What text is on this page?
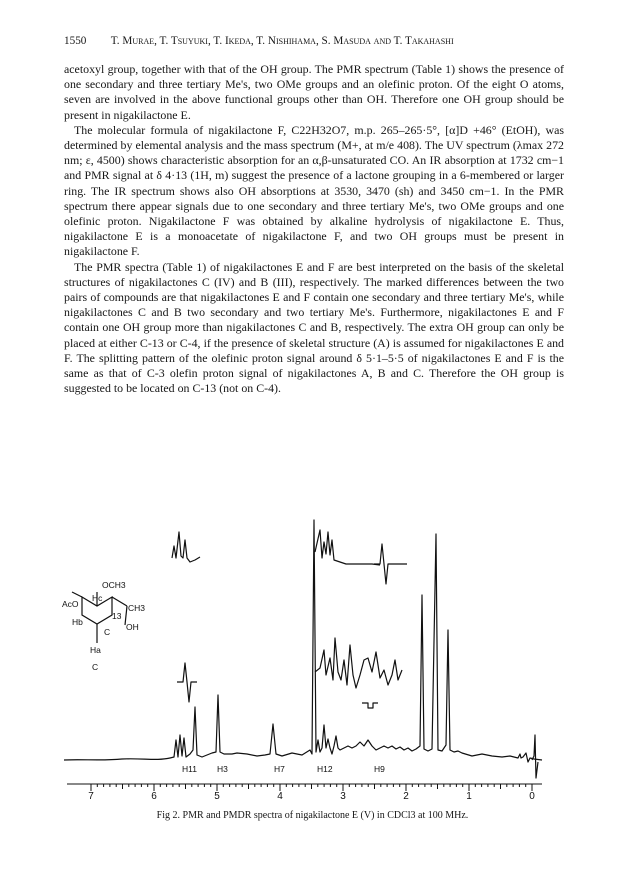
1550 T. Murae, T. Tsuyuki, T. Ikeda, T. Nishihama, S. Masuda and T. Takahashi

acetoxyl group, together with that of the OH group. The PMR spectrum (Table 1) shows the presence of one secondary and three tertiary Me's, two OMe groups and an olefinic proton. Of the eight O atoms, seven are involved in the above functional groups other than OH. Therefore one OH group should be present in nigakilactone E.

The molecular formula of nigakilactone F, C22H32O7, m.p. 265–265·5°, [α]D +46° (EtOH), was determined by elemental analysis and the mass spectrum (M+, at m/e 408). The UV spectrum (λmax 272 nm; ε, 4500) shows characteristic absorption for an α,β-unsaturated CO. An IR absorption at 1732 cm−1 and PMR signal at δ 4·13 (1H, m) suggest the presence of a lactone grouping in a 6-membered or larger ring. The IR spectrum shows also OH absorptions at 3530, 3470 (sh) and 3450 cm−1. In the PMR spectrum there appear signals due to one secondary and three tertiary Me's, two OMe groups and one olefinic proton. Nigakilactone F was obtained by alkaline hydrolysis of nigakilactone E. Thus, nigakilactone E is a monoacetate of nigakilactone F, and two OH groups must be present in nigakilactone F.

The PMR spectra (Table 1) of nigakilactones E and F are best interpreted on the basis of the skeletal structures of nigakilactones C (IV) and B (III), respectively. The marked differences between the two pairs of compounds are that nigakilactones E and F contain one secondary and three tertiary Me's, while nigakilactones C and B two secondary and two tertiary Me's. Furthermore, nigakilactones E and F contain one OH group more than nigakilactones C and B, respectively. The extra OH group can only be placed at either C-13 or C-4, if the presence of skeletal structure (A) is assumed for nigakilactones E and F. The splitting pattern of the olefinic proton signal around δ 5·1–5·5 of nigakilactones E and F is the same as that of C-3 olefin proton signal of nigakilactones A, B and C. Therefore the OH group is suggested to be located on C-13 (not on C-4).

OCH3
Hc
AcO	CH3
Hb
13
OH
Ha
C
C
H11 H3	H7	H12	H9
7	6	5	4	3	2	1	0
Fig 2. PMR and PMDR spectra of nigakilactone E (V) in CDCl3 at 100 MHz.
